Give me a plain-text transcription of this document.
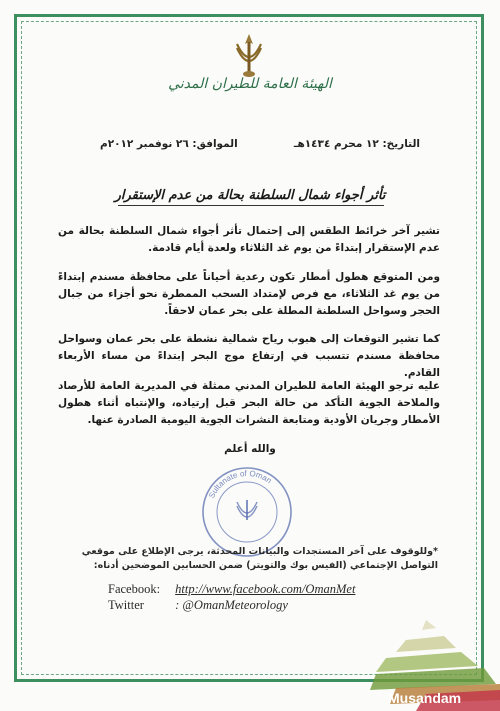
الهيئة العامة للطيران المدني
التاريخ: ١٢ محرم ١٤٣٤هـ
الموافق: ٢٦ نوفمبر ٢٠١٢م
تأثر أجواء شمال السلطنة بحالة من عدم الإستقرار
تشير آخر خرائط الطقس إلى إحتمال تأثر أجواء شمال السلطنة بحالة من عدم الإستقرار إبتداءً من يوم غد الثلاثاء ولعدة أيام قادمة.
ومن المتوقع هطول أمطار تكون رعدية أحياناً على محافظة مسندم إبتداءً من يوم غد الثلاثاء، مع فرص لإمتداد السحب الممطرة نحو أجزاء من جبال الحجر وسواحل السلطنة المطلة على بحر عمان لاحقاً.
كما تشير التوقعات إلى هبوب رياح شمالية نشطة على بحر عمان وسواحل محافظة مسندم تتسبب في إرتفاع موج البحر إبتداءً من مساء الأربعاء القادم.
عليه ترجو الهيئة العامة للطيران المدني ممثلة في المديرية العامة للأرصاد والملاحة الجوية التأكد من حالة البحر قبل إرتياده، والإنتباه أثناء هطول الأمطار وجريان الأودية ومتابعة النشرات الجوية اليومية الصادرة عنها.
والله أعلم
Sultanate of Oman
*وللوقوف على آخر المستجدات والبيانات المحدثة، يرجى الإطلاع على موقعي التواصل الإجتماعي (الفيس بوك والتويتر) ضمن الحسابين الموضحين أدناه:
Facebook: http://www.facebook.com/OmanMet
Twitter : @OmanMeteorology
Musandam
